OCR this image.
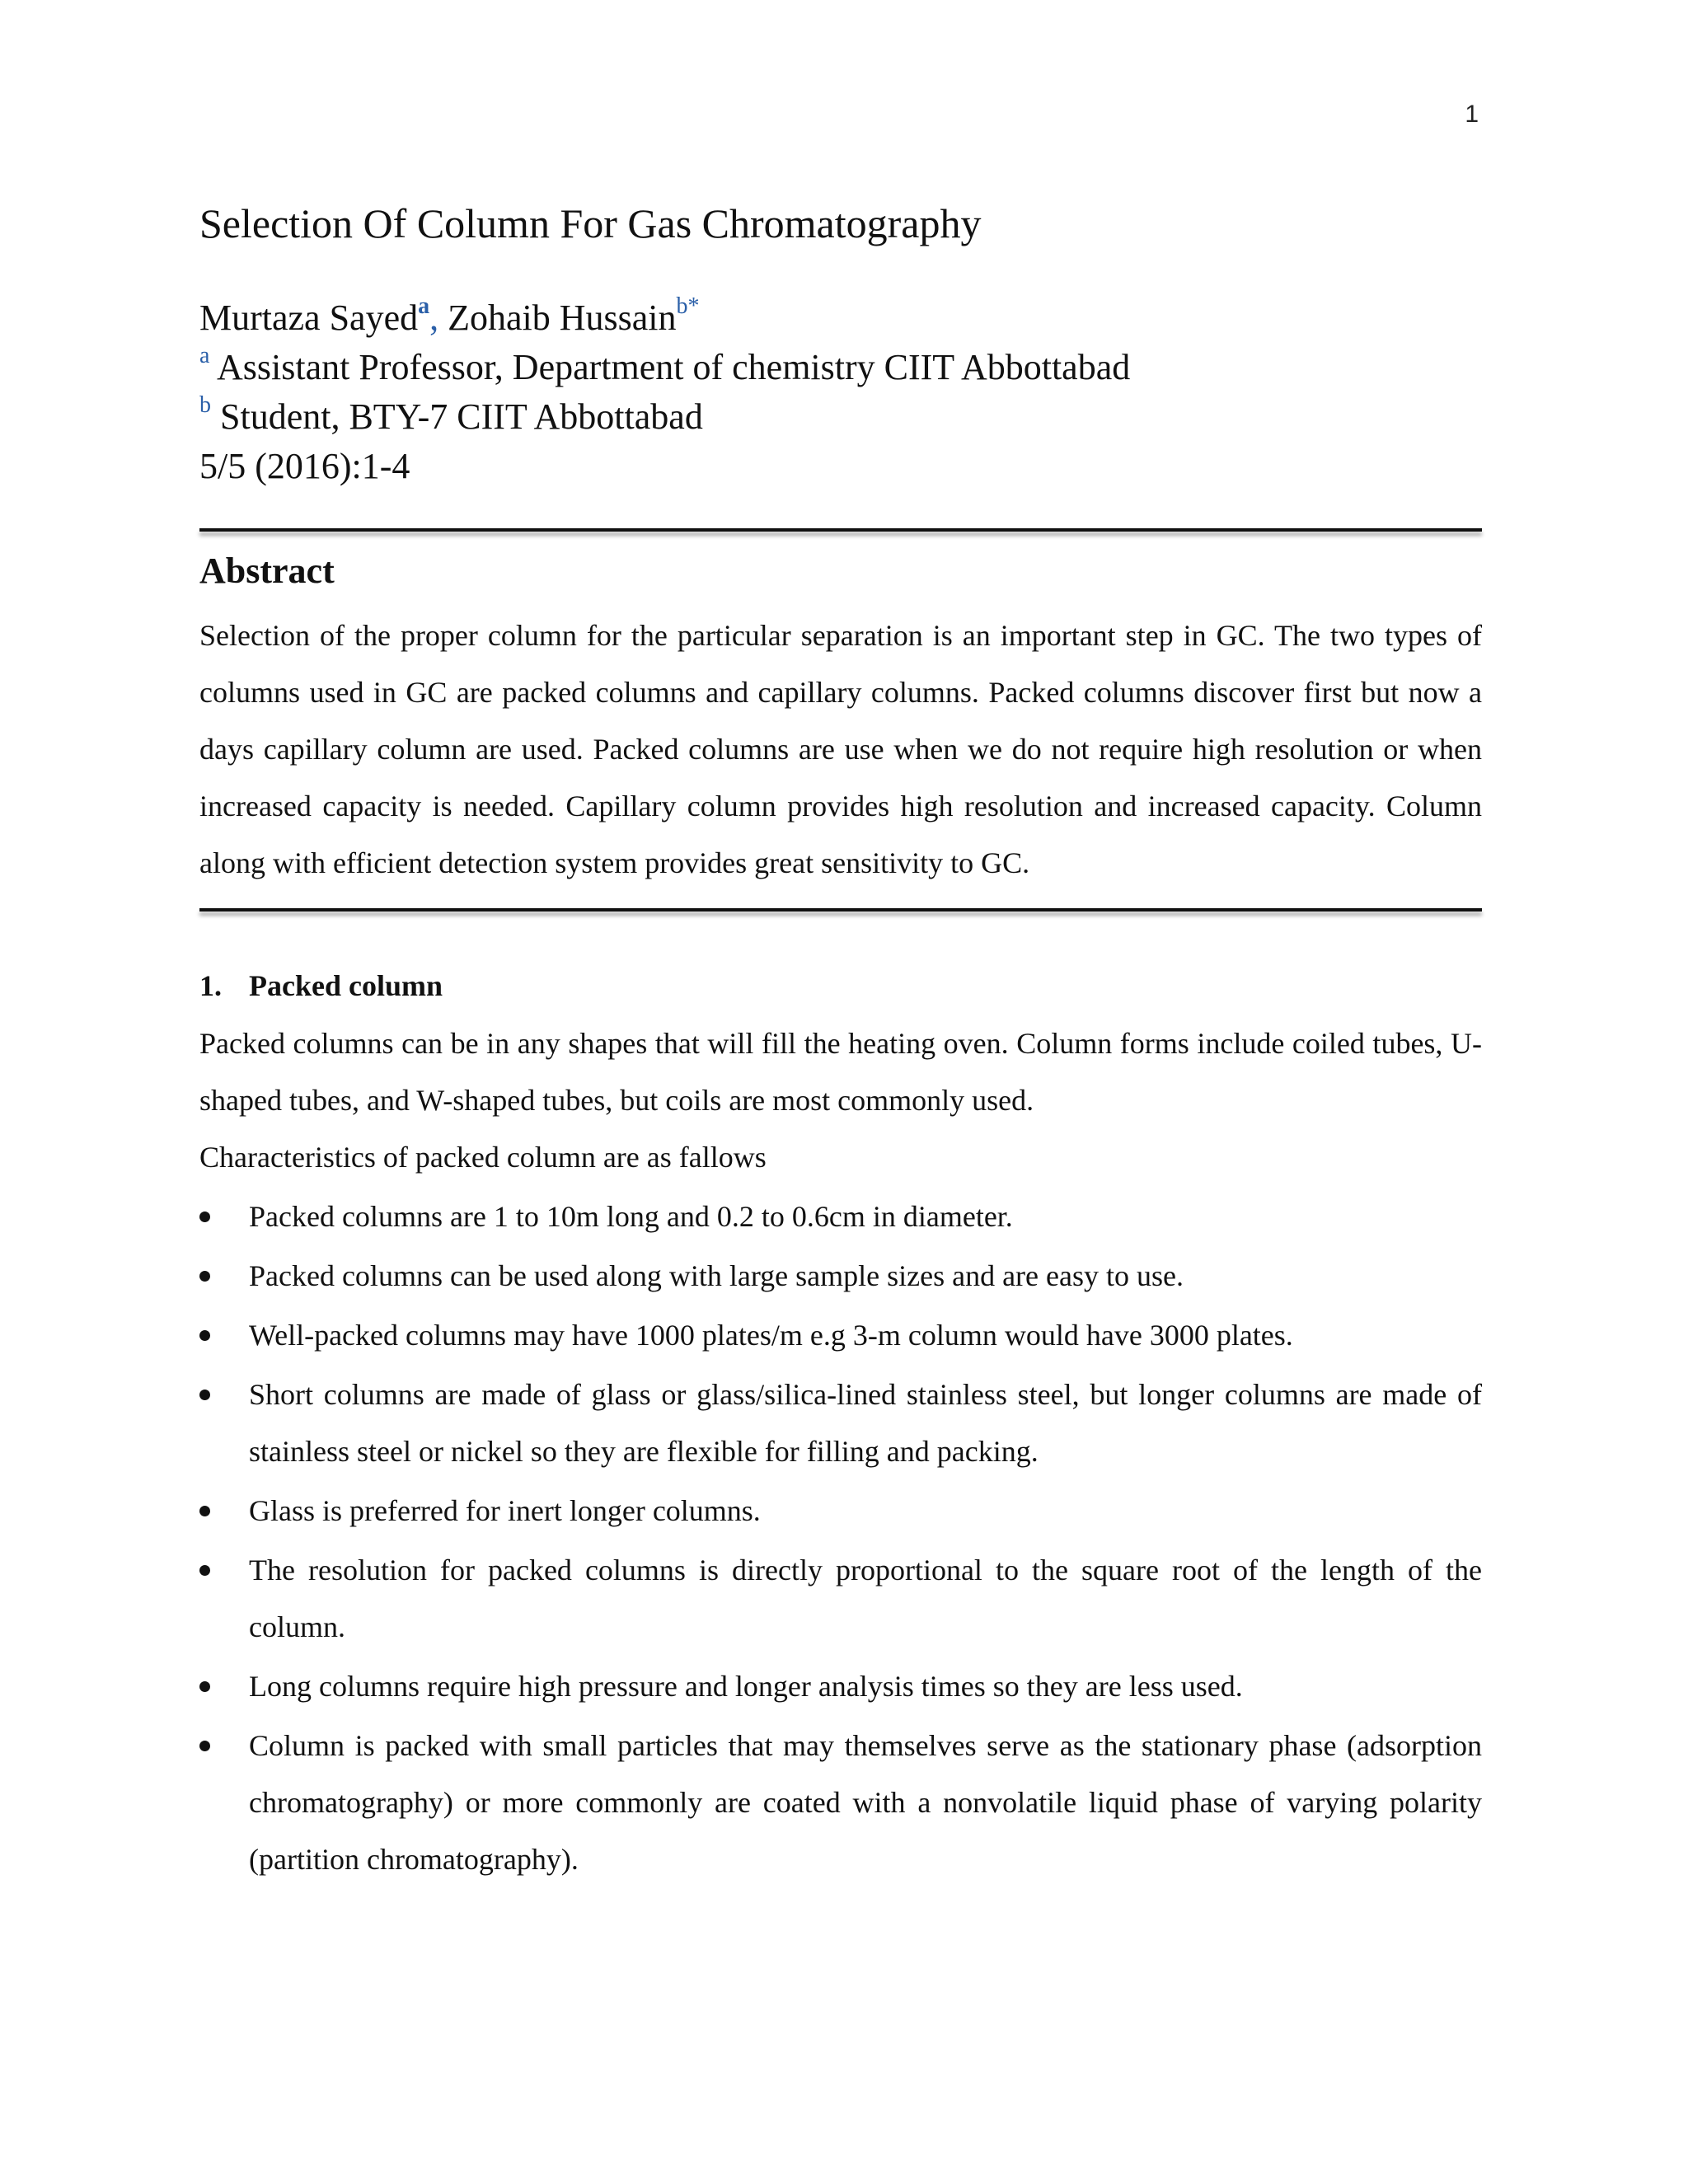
1
Selection Of Column For Gas Chromatography
Murtaza Sayed$^a$, Zohaib Hussain$^{b*}$
$^a$ Assistant Professor, Department of chemistry CIIT Abbottabad
$^b$ Student, BTY-7 CIIT Abbottabad
5/5 (2016):1-4
Abstract
Selection of the proper column for the particular separation is an important step in GC. The two types of columns used in GC are packed columns and capillary columns. Packed columns discover first but now a days capillary column are used. Packed columns are use when we do not require high resolution or when increased capacity is needed. Capillary column provides high resolution and increased capacity. Column along with efficient detection system provides great sensitivity to GC.
1. Packed column
Packed columns can be in any shapes that will fill the heating oven. Column forms include coiled tubes, U-shaped tubes, and W-shaped tubes, but coils are most commonly used.
Characteristics of packed column are as fallows
Packed columns are 1 to 10m long and 0.2 to 0.6cm in diameter.
Packed columns can be used along with large sample sizes and are easy to use.
Well-packed columns may have 1000 plates/m e.g 3-m column would have 3000 plates.
Short columns are made of glass or glass/silica-lined stainless steel, but longer columns are made of stainless steel or nickel so they are flexible for filling and packing.
Glass is preferred for inert longer columns.
The resolution for packed columns is directly proportional to the square root of the length of the column.
Long columns require high pressure and longer analysis times so they are less used.
Column is packed with small particles that may themselves serve as the stationary phase (adsorption chromatography) or more commonly are coated with a nonvolatile liquid phase of varying polarity (partition chromatography).
